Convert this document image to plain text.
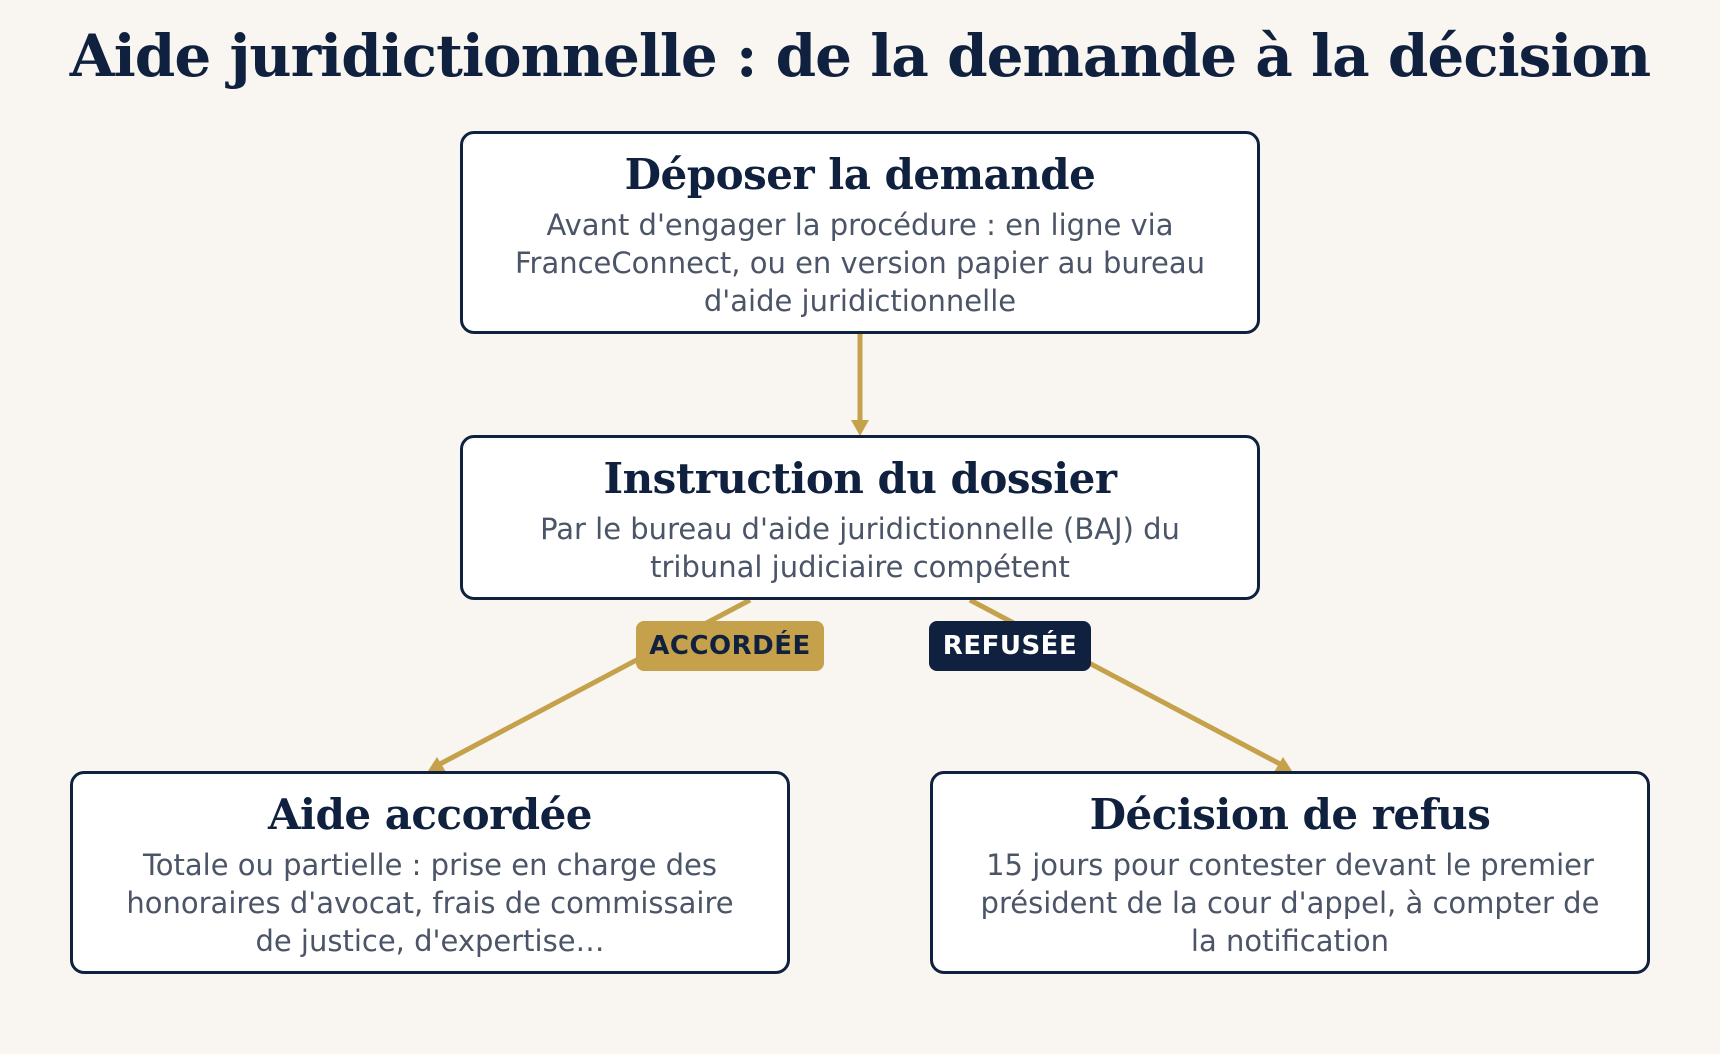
Aide juridictionnelle : de la demande à la décision
Déposer la demande
Avant d'engager la procédure : en ligne via FranceConnect, ou en version papier au bureau d'aide juridictionnelle
Instruction du dossier
Par le bureau d'aide juridictionnelle (BAJ) du tribunal judiciaire compétent
ACCORDÉE	REFUSÉE
Aide accordée
Totale ou partielle : prise en charge des honoraires d'avocat, frais de commissaire de justice, d'expertise…
Décision de refus
15 jours pour contester devant le premier président de la cour d'appel, à compter de la notification
